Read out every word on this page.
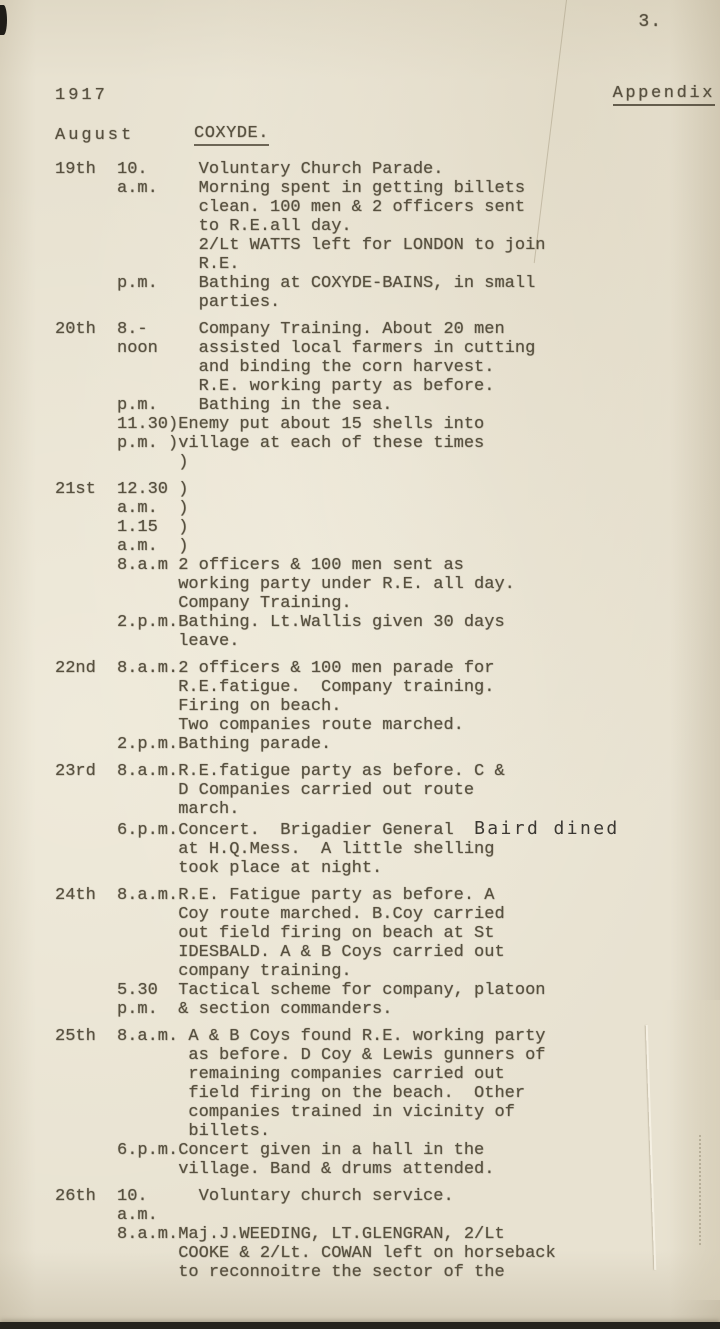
3.
1917	Appendix
August	COXYDE.
19th 10.     Voluntary Church Parade.
a.m.    Morning spent in getting billets
clean. 100 men & 2 officers sent
to R.E.all day.
2/Lt WATTS left for LONDON to join
R.E.
p.m.    Bathing at COXYDE-BAINS, in small
parties.
20th 8.-     Company Training. About 20 men
noon    assisted local farmers in cutting
and binding the corn harvest.
R.E. working party as before.
p.m.    Bathing in the sea.
11.30)Enemy put about 15 shells into
p.m. )village at each of these times
)
21st 12.30 )
a.m.  )
1.15  )
a.m.  )
8.a.m 2 officers & 100 men sent as
working party under R.E. all day.
Company Training.
2.p.m.Bathing. Lt.Wallis given 30 days
leave.
22nd 8.a.m.2 officers & 100 men parade for
R.E.fatigue.  Company training.
Firing on beach.
Two companies route marched.
2.p.m.Bathing parade.
23rd 8.a.m.R.E.fatigue party as before. C &
D Companies carried out route
march.
6.p.m.Concert.  Brigadier General  Baird dined
at H.Q.Mess.  A little shelling
took place at night.
24th 8.a.m.R.E. Fatigue party as before. A
Coy route marched. B.Coy carried
out field firing on beach at St
IDESBALD. A & B Coys carried out
company training.
5.30  Tactical scheme for company, platoon
p.m.  & section commanders.
25th 8.a.m. A & B Coys found R.E. working party
as before. D Coy & Lewis gunners of
remaining companies carried out
field firing on the beach.  Other
companies trained in vicinity of
billets.
6.p.m.Concert given in a hall in the
village. Band & drums attended.
26th 10.     Voluntary church service.
a.m.
8.a.m.Maj.J.WEEDING, LT.GLENGRAN, 2/Lt
COOKE & 2/Lt. COWAN left on horseback
to reconnoitre the sector of the
